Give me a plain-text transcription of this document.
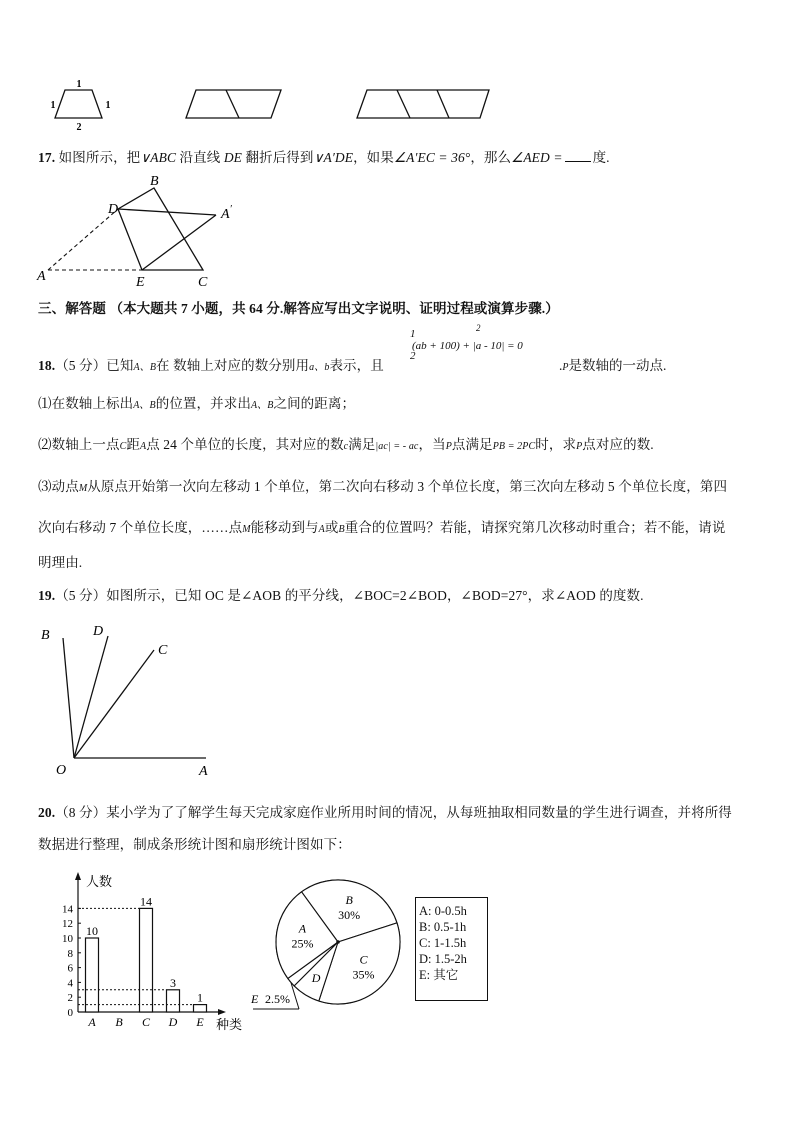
1
1	1
2
17. 如图所示，把∨ABC 沿直线 DE 翻折后得到∨A′DE，如果∠A′EC = 36°，那么∠AED = 度.
B
D	A′
A	E	C
三、解答题 （本大题共 7 小题，共 64 分.解答应写出文字说明、证明过程或演算步骤.）
18.（5 分）已知A、B在 数轴上对应的数分别用a、b表示，且
1	2
(ab + 100) + |a - 10| = 0
2
.P是数轴的一动点.
⑴在数轴上标出A、B的位置，并求出A、B之间的距离；
⑵数轴上一点C距A点 24 个单位的长度，其对应的数c满足|ac| = - ac，当P点满足PB = 2PC时，求P点对应的数.
⑶动点M从原点开始第一次向左移动 1 个单位，第二次向右移动 3 个单位长度，第三次向左移动 5 个单位长度，第四
次向右移动 7 个单位长度，……点M能移动到与A或B重合的位置吗？若能，请探究第几次移动时重合；若不能，请说
明理由.
19.（5 分）如图所示，已知 OC 是∠AOB 的平分线，∠BOC=2∠BOD，∠BOD=27°，求∠AOD 的度数.
B	D
C
O	A
20.（8 分）某小学为了了解学生每天完成家庭作业所用时间的情况，从每班抽取相同数量的学生进行调查，并将所得
数据进行整理，制成条形统计图和扇形统计图如下：
人数
种类
0
2
4
6
8
10
12
14
10
A B
14
C
3
D
1
E
A
25%
B
30%
C
35%
D
E 2.5%
A: 0-0.5h
B: 0.5-1h
C: 1-1.5h
D: 1.5-2h
E: 其它
